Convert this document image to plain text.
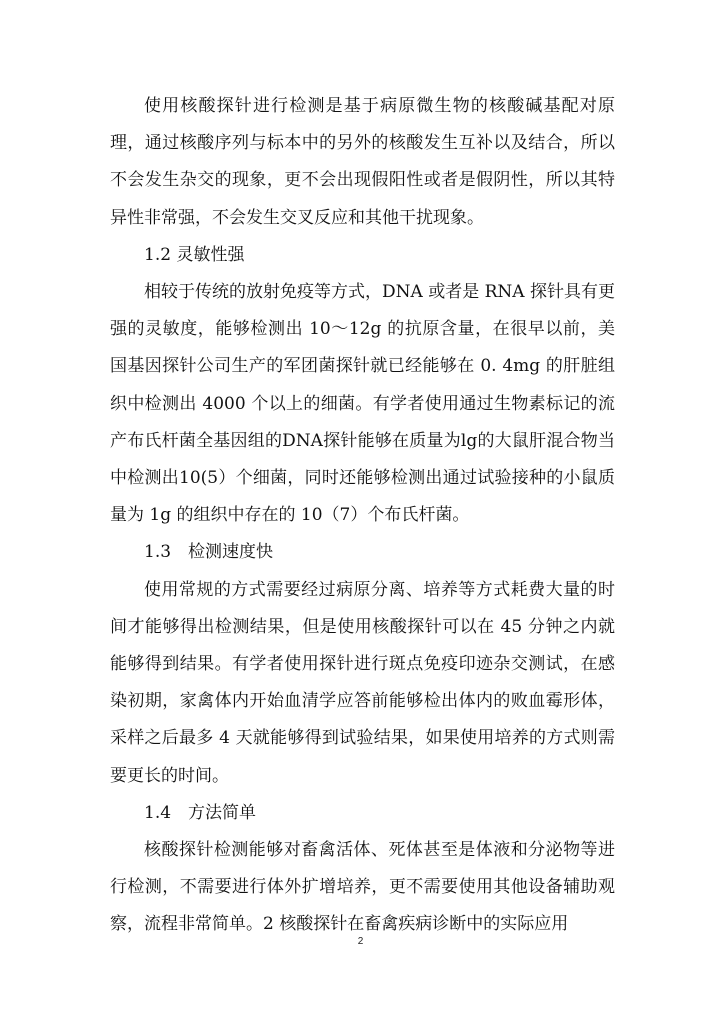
使用核酸探针进行检测是基于病原微生物的核酸碱基配对原理，通过核酸序列与标本中的另外的核酸发生互补以及结合，所以不会发生杂交的现象，更不会出现假阳性或者是假阴性，所以其特异性非常强，不会发生交叉反应和其他干扰现象。

1.2 灵敏性强

相较于传统的放射免疫等方式，DNA 或者是 RNA 探针具有更强的灵敏度，能够检测出 10～12g 的抗原含量，在很早以前，美国基因探针公司生产的军团菌探针就已经能够在 0. 4mg 的肝脏组织中检测出 4000 个以上的细菌。有学者使用通过生物素标记的流产布氏杆菌全基因组的DNA探针能够在质量为lg的大鼠肝混合物当中检测出10(5）个细菌，同时还能够检测出通过试验接种的小鼠质量为 1g 的组织中存在的 10（7）个布氏杆菌。

1.3　检测速度快

使用常规的方式需要经过病原分离、培养等方式耗费大量的时间才能够得出检测结果，但是使用核酸探针可以在 45 分钟之内就能够得到结果。有学者使用探针进行斑点免疫印迹杂交测试，在感染初期，家禽体内开始血清学应答前能够检出体内的败血霉形体，采样之后最多 4 天就能够得到试验结果，如果使用培养的方式则需要更长的时间。

1.4　方法简单

核酸探针检测能够对畜禽活体、死体甚至是体液和分泌物等进行检测，不需要进行体外扩增培养，更不需要使用其他设备辅助观察，流程非常简单。2 核酸探针在畜禽疾病诊断中的实际应用

2
